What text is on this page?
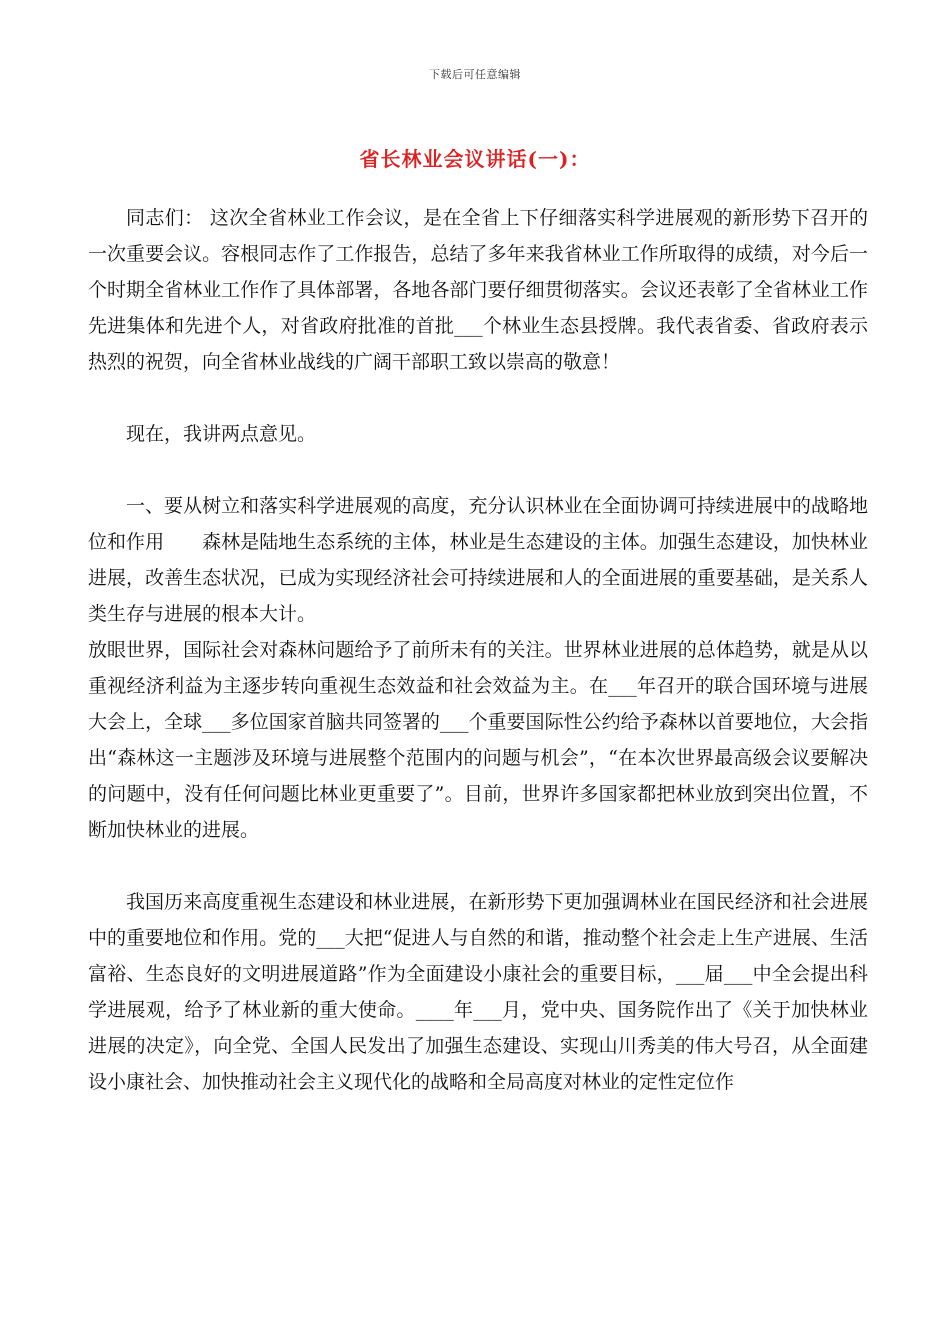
下载后可任意编辑
省长林业会议讲话(一)：

同志们： 这次全省林业工作会议，是在全省上下仔细落实科学进展观的新形势下召开的一次重要会议。容根同志作了工作报告，总结了多年来我省林业工作所取得的成绩，对今后一个时期全省林业工作作了具体部署，各地各部门要仔细贯彻落实。会议还表彰了全省林业工作先进集体和先进个人，对省政府批准的首批___个林业生态县授牌。我代表省委、省政府表示热烈的祝贺，向全省林业战线的广阔干部职工致以崇高的敬意！

现在，我讲两点意见。

一、要从树立和落实科学进展观的高度，充分认识林业在全面协调可持续进展中的战略地位和作用　　森林是陆地生态系统的主体，林业是生态建设的主体。加强生态建设，加快林业进展，改善生态状况，已成为实现经济社会可持续进展和人的全面进展的重要基础，是关系人类生存与进展的根本大计。

放眼世界，国际社会对森林问题给予了前所未有的关注。世界林业进展的总体趋势，就是从以重视经济利益为主逐步转向重视生态效益和社会效益为主。在___年召开的联合国环境与进展大会上，全球___多位国家首脑共同签署的___个重要国际性公约给予森林以首要地位，大会指出“森林这一主题涉及环境与进展整个范围内的问题与机会”，“在本次世界最高级会议要解决的问题中，没有任何问题比林业更重要了”。目前，世界许多国家都把林业放到突出位置，不断加快林业的进展。

我国历来高度重视生态建设和林业进展，在新形势下更加强调林业在国民经济和社会进展中的重要地位和作用。党的___大把“促进人与自然的和谐，推动整个社会走上生产进展、生活富裕、生态良好的文明进展道路”作为全面建设小康社会的重要目标，___届___中全会提出科学进展观，给予了林业新的重大使命。____年___月，党中央、国务院作出了《关于加快林业进展的决定》，向全党、全国人民发出了加强生态建设、实现山川秀美的伟大号召，从全面建设小康社会、加快推动社会主义现代化的战略和全局高度对林业的定性定位作
